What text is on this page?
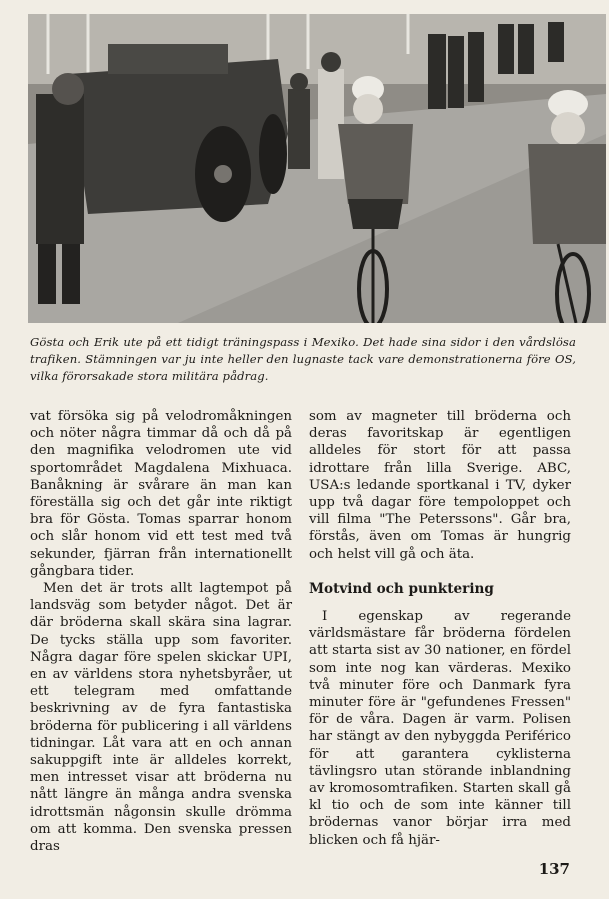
Gösta och Erik ute på ett tidigt träningspass i Mexiko. Det hade sina sidor i den vårdslösa trafiken. Stämningen var ju inte heller den lugnaste tack vare demonstrationerna före OS, vilka förorsakade stora militära pådrag.

vat försöka sig på velodromåkningen och nöter några timmar då och då på den magnifika velodromen ute vid sportområdet Magdalena Mixhuaca. Banåkning är svårare än man kan föreställa sig och det går inte riktigt bra för Gösta. Tomas sparrar honom och slår honom vid ett test med två sekunder, fjärran från internationellt gångbara tider.

Men det är trots allt lagtempot på landsväg som betyder något. Det är där bröderna skall skära sina lagrar. De tycks ställa upp som favoriter. Några dagar före spelen skickar UPI, en av världens stora nyhetsbyråer, ut ett telegram med omfattande beskrivning av de fyra fantastiska bröderna för publicering i all världens tidningar. Låt vara att en och annan sakuppgift inte är alldeles korrekt, men intresset visar att bröderna nu nått längre än många andra svenska idrottsmän någonsin skulle drömma om att komma. Den svenska pressen dras

som av magneter till bröderna och deras favoritskap är egentligen alldeles för stort för att passa idrottare från lilla Sverige. ABC, USA:s ledande sportkanal i TV, dyker upp två dagar före tempoloppet och vill filma "The Peterssons". Går bra, förstås, även om Tomas är hungrig och helst vill gå och äta.

Motvind och punktering

I egenskap av regerande världsmästare får bröderna fördelen att starta sist av 30 nationer, en fördel som inte nog kan värderas. Mexiko två minuter före och Danmark fyra minuter före är "gefundenes Fressen" för de våra. Dagen är varm. Polisen har stängt av den nybyggda Periférico för att garantera cyklisterna tävlingsro utan störande inblandning av kromosomtrafiken. Starten skall gå kl tio och de som inte känner till brödernas vanor börjar irra med blicken och få hjär-

137
